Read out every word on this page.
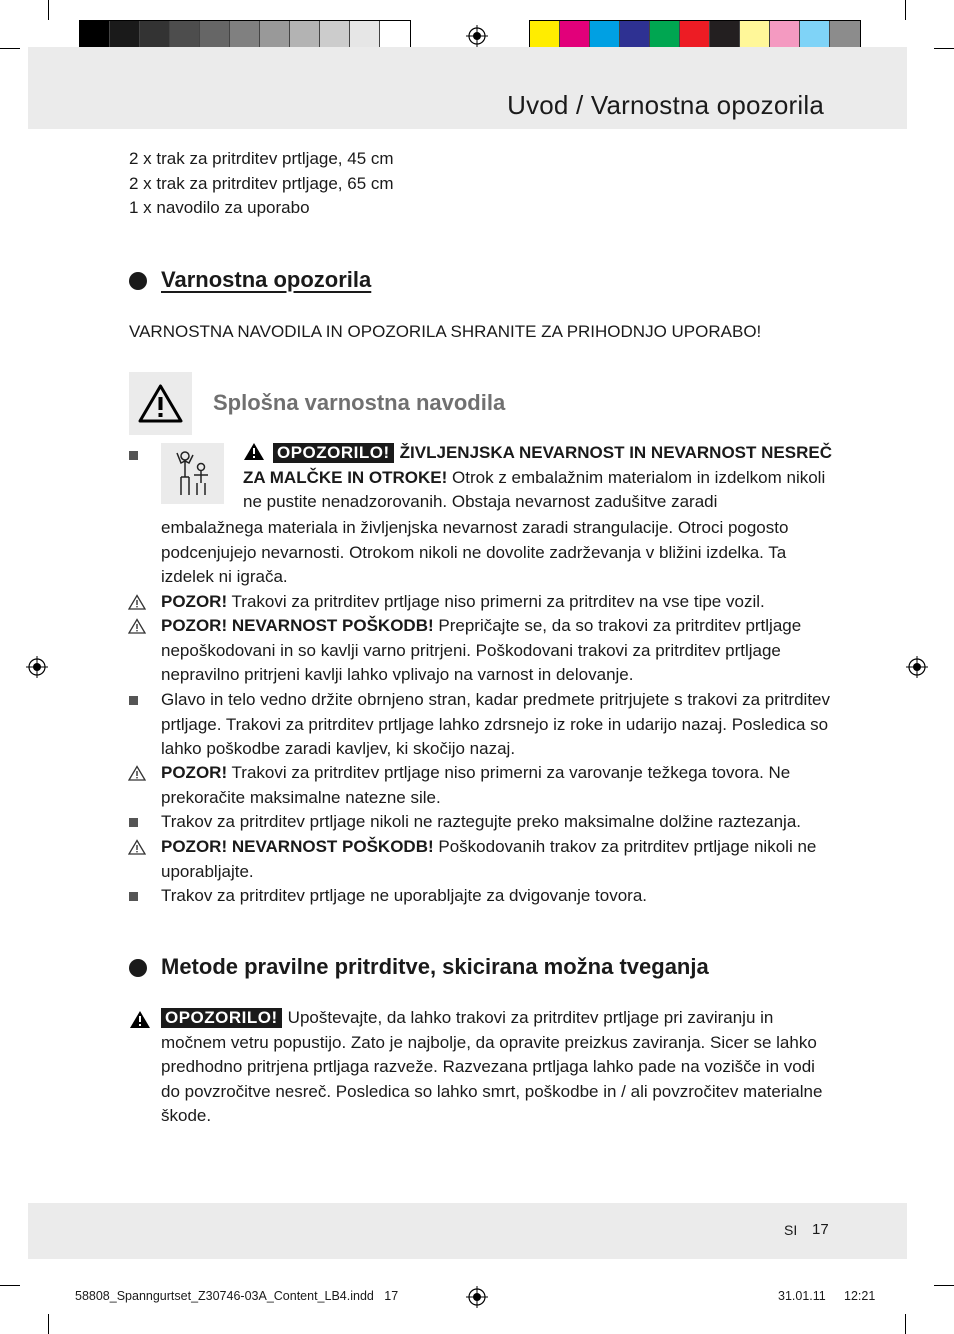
Uvod / Varnostna opozorila
2 x trak za pritrditev prtljage, 45 cm
2 x trak za pritrditev prtljage, 65 cm
1 x navodilo za uporabo
Varnostna opozorila
VARNOSTNA NAVODILA IN OPOZORILA SHRANITE ZA PRIHODNJO UPORABO!
Splošna varnostna navodila
OPOZORILO! ŽIVLJENJSKA NEVARNOST IN NEVARNOST NESREČ ZA MALČKE IN OTROKE! Otrok z embalažnim materialom in izdelkom nikoli ne pustite nenadzorovanih. Obstaja nevarnost zadušitve zaradi
embalažnega materiala in življenjska nevarnost zaradi strangulacije. Otroci pogosto podcenjujejo nevarnosti. Otrokom nikoli ne dovolite zadrževanja v bližini izdelka. Ta izdelek ni igrača.
POZOR! Trakovi za pritrditev prtljage niso primerni za pritrditev na vse tipe vozil.
POZOR! NEVARNOST POŠKODB! Prepričajte se, da so trakovi za pritrditev prtljage nepoškodovani in so kavlji varno pritrjeni. Poškodovani trakovi za pritrditev prtljage nepravilno pritrjeni kavlji lahko vplivajo na varnost in delovanje.
Glavo in telo vedno držite obrnjeno stran, kadar predmete pritrjujete s trakovi za pritrditev prtljage. Trakovi za pritrditev prtljage lahko zdrsnejo iz roke in udarijo nazaj. Posledica so lahko poškodbe zaradi kavljev, ki skočijo nazaj.
POZOR! Trakovi za pritrditev prtljage niso primerni za varovanje težkega tovora. Ne prekoračite maksimalne natezne sile.
Trakov za pritrditev prtljage nikoli ne raztegujte preko maksimalne dolžine raztezanja.
POZOR! NEVARNOST POŠKODB! Poškodovanih trakov za pritrditev prtljage nikoli ne uporabljajte.
Trakov za pritrditev prtljage ne uporabljajte za dvigovanje tovora.
Metode pravilne pritrditve, skicirana možna tveganja
OPOZORILO! Upoštevajte, da lahko trakovi za pritrditev prtljage pri zaviranju in močnem vetru popustijo. Zato je najbolje, da opravite preizkus zaviranja. Sicer se lahko predhodno pritrjena prtljaga razveže. Razvezana prtljaga lahko pade na vozišče in vodi do povzročitve nesreč. Posledica so lahko smrt, poškodbe in / ali povzročitev materialne škode.
SI 17
58808_Spanngurtset_Z30746-03A_Content_LB4.indd   17	31.01.11 12:21
